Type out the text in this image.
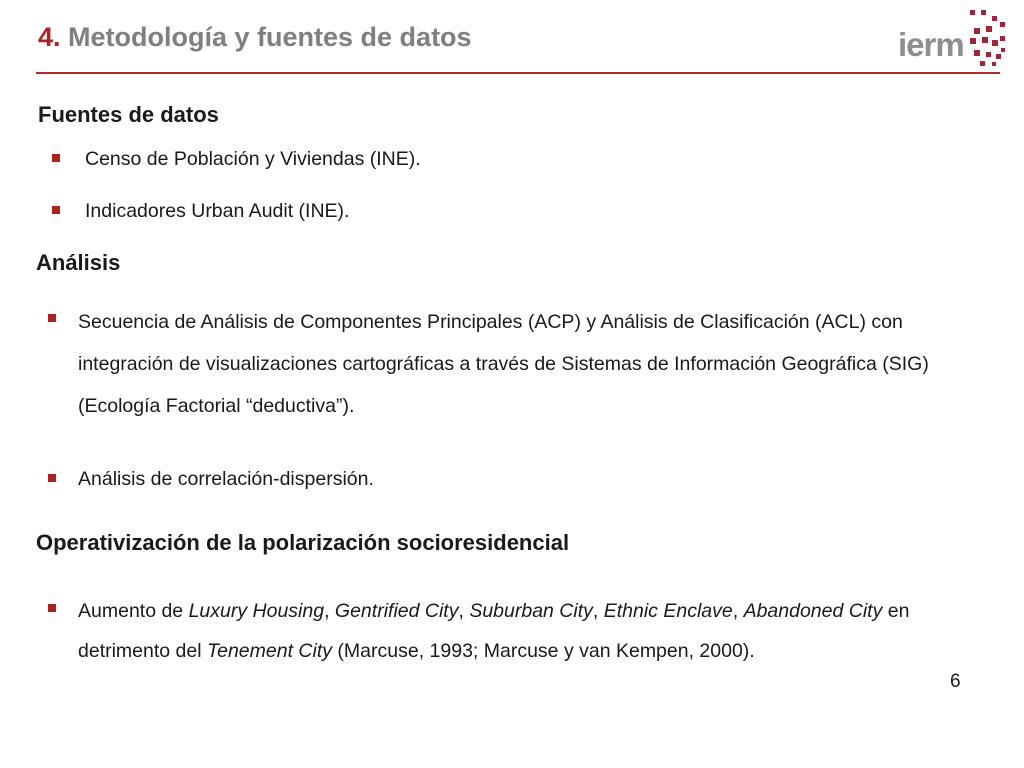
4. Metodología y fuentes de datos	ierm
Fuentes de datos
Censo de Población y Viviendas (INE).
Indicadores Urban Audit (INE).
Análisis
Secuencia de Análisis de Componentes Principales (ACP) y Análisis de Clasificación (ACL) con integración de visualizaciones cartográficas a través de Sistemas de Información Geográfica (SIG) (Ecología Factorial “deductiva”).
Análisis de correlación-dispersión.
Operativización de la polarización socioresidencial
Aumento de Luxury Housing, Gentrified City, Suburban City, Ethnic Enclave, Abandoned City en detrimento del Tenement City (Marcuse, 1993; Marcuse y van Kempen, 2000).
6
